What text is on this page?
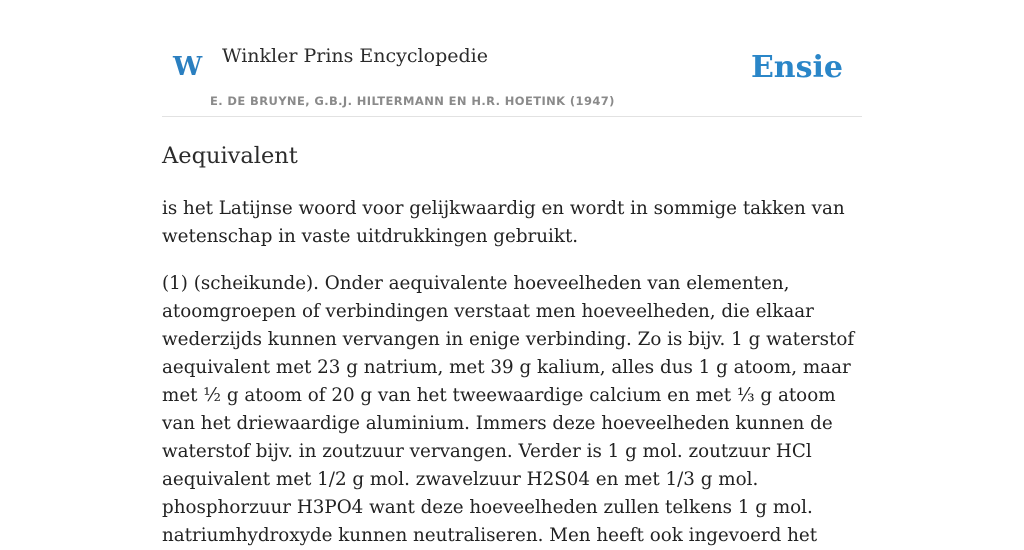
W Winkler Prins Encyclopedie
E. DE BRUYNE, G.B.J. HILTERMANN EN H.R. HOETINK (1947)
Ensie
Aequivalent

is het Latijnse woord voor gelijkwaardig en wordt in sommige takken van wetenschap in vaste uitdrukkingen gebruikt.

(1) (scheikunde). Onder aequivalente hoeveelheden van elementen, atoomgroepen of verbindingen verstaat men hoeveelheden, die elkaar wederzijds kunnen vervangen in enige verbinding. Zo is bijv. 1 g waterstof aequivalent met 23 g natrium, met 39 g kalium, alles dus 1 g atoom, maar met ½ g atoom of 20 g van het tweewaardige calcium en met ⅓ g atoom van het driewaardige aluminium. Immers deze hoeveelheden kunnen de waterstof bijv. in zoutzuur vervangen. Verder is 1 g mol. zoutzuur HCl aequivalent met 1/2 g mol. zwavelzuur H2S04 en met 1/3 g mol. phosphorzuur H3PO4 want deze hoeveelheden zullen telkens 1 g mol. natriumhydroxyde kunnen neutraliseren. Men heeft ook ingevoerd het
